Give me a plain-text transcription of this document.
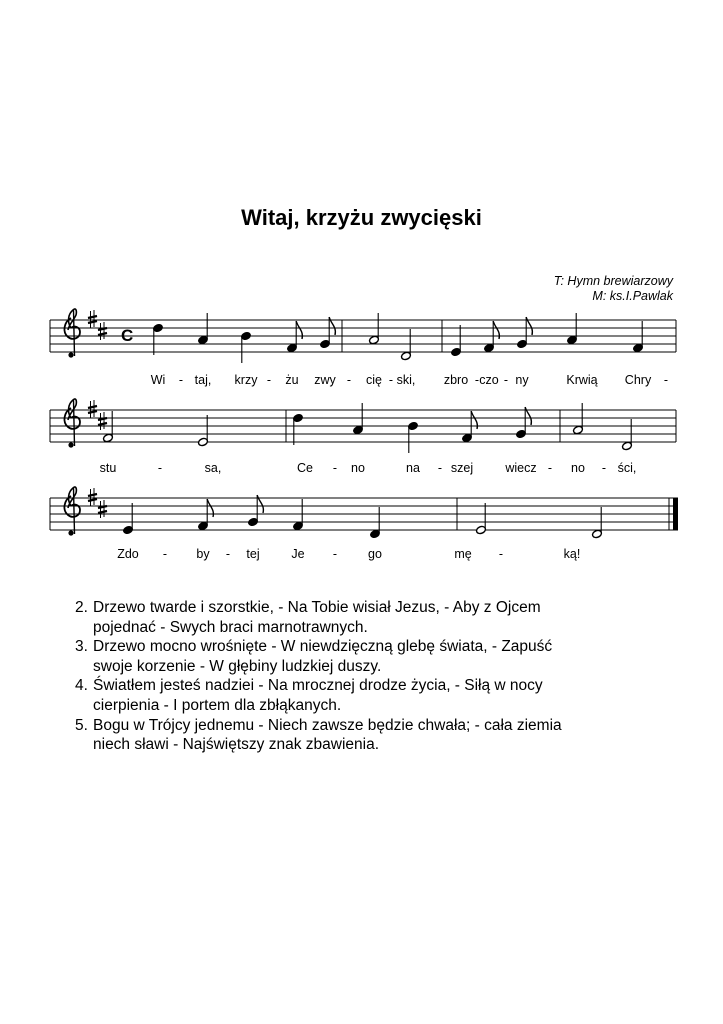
Witaj, krzyżu zwycięski
T: Hymn brewiarzowy
M: ks.I.Pawlak
C
Wi - taj, krzy - żu zwy - cię - ski, zbro - czo - ny	Krwią Chry -
stu	-	sa,	Ce - no	na - szej	wiecz - no - ści,
Zdo - by - tej	Je - go	mę -	ką!
2. Drzewo twarde i szorstkie, - Na Tobie wisiał Jezus, - Aby z Ojcem
pojednać - Swych braci marnotrawnych.
3. Drzewo mocno wrośnięte - W niewdzięczną glebę świata, - Zapuść
swoje korzenie - W głębiny ludzkiej duszy.
4. Światłem jesteś nadziei - Na mrocznej drodze życia, - Siłą w nocy
cierpienia - I portem dla zbłąkanych.
5. Bogu w Trójcy jednemu - Niech zawsze będzie chwała; - cała ziemia
niech sławi - Najświętszy znak zbawienia.
